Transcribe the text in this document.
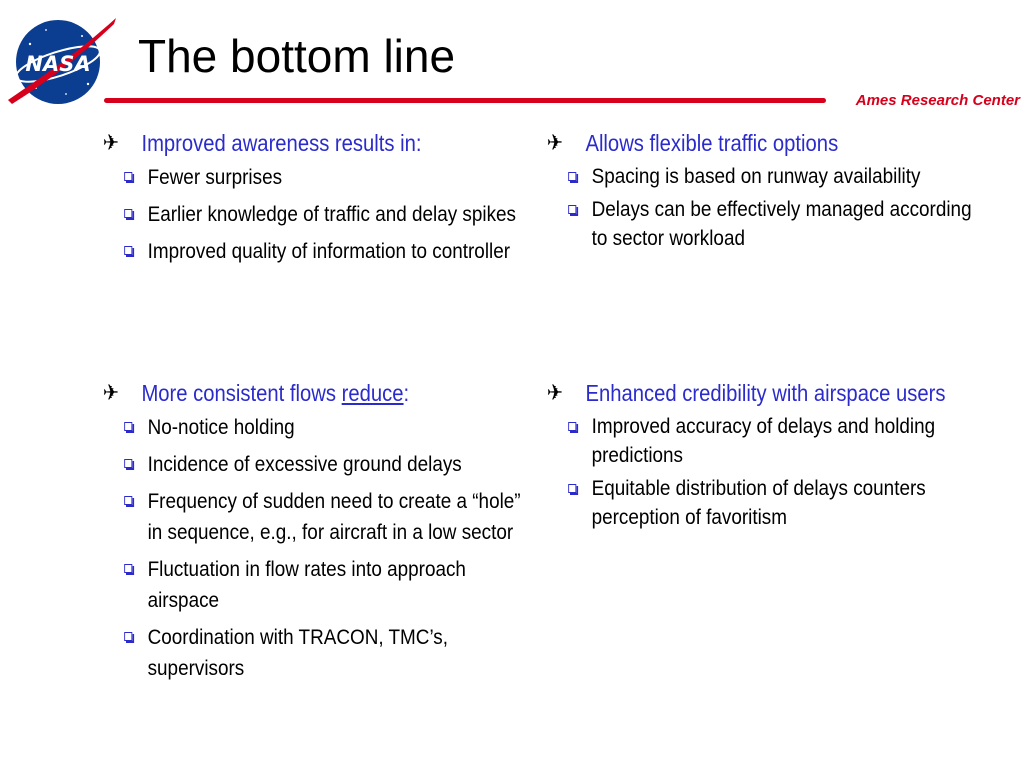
NASA The bottom line
Ames Research Center
✈ Improved awareness results in:
Fewer surprises
Earlier knowledge of traffic and delay spikes
Improved quality of information to controller
✈ More consistent flows reduce:
No-notice holding
Incidence of excessive ground delays
Frequency of sudden need to create a “hole” in sequence, e.g., for aircraft in a low sector
Fluctuation in flow rates into approach airspace
Coordination with TRACON, TMC’s, supervisors
✈ Allows flexible traffic options
Spacing is based on runway availability
Delays can be effectively managed according to sector workload
✈ Enhanced credibility with airspace users
Improved accuracy of delays and holding predictions
Equitable distribution of delays counters perception of favoritism
